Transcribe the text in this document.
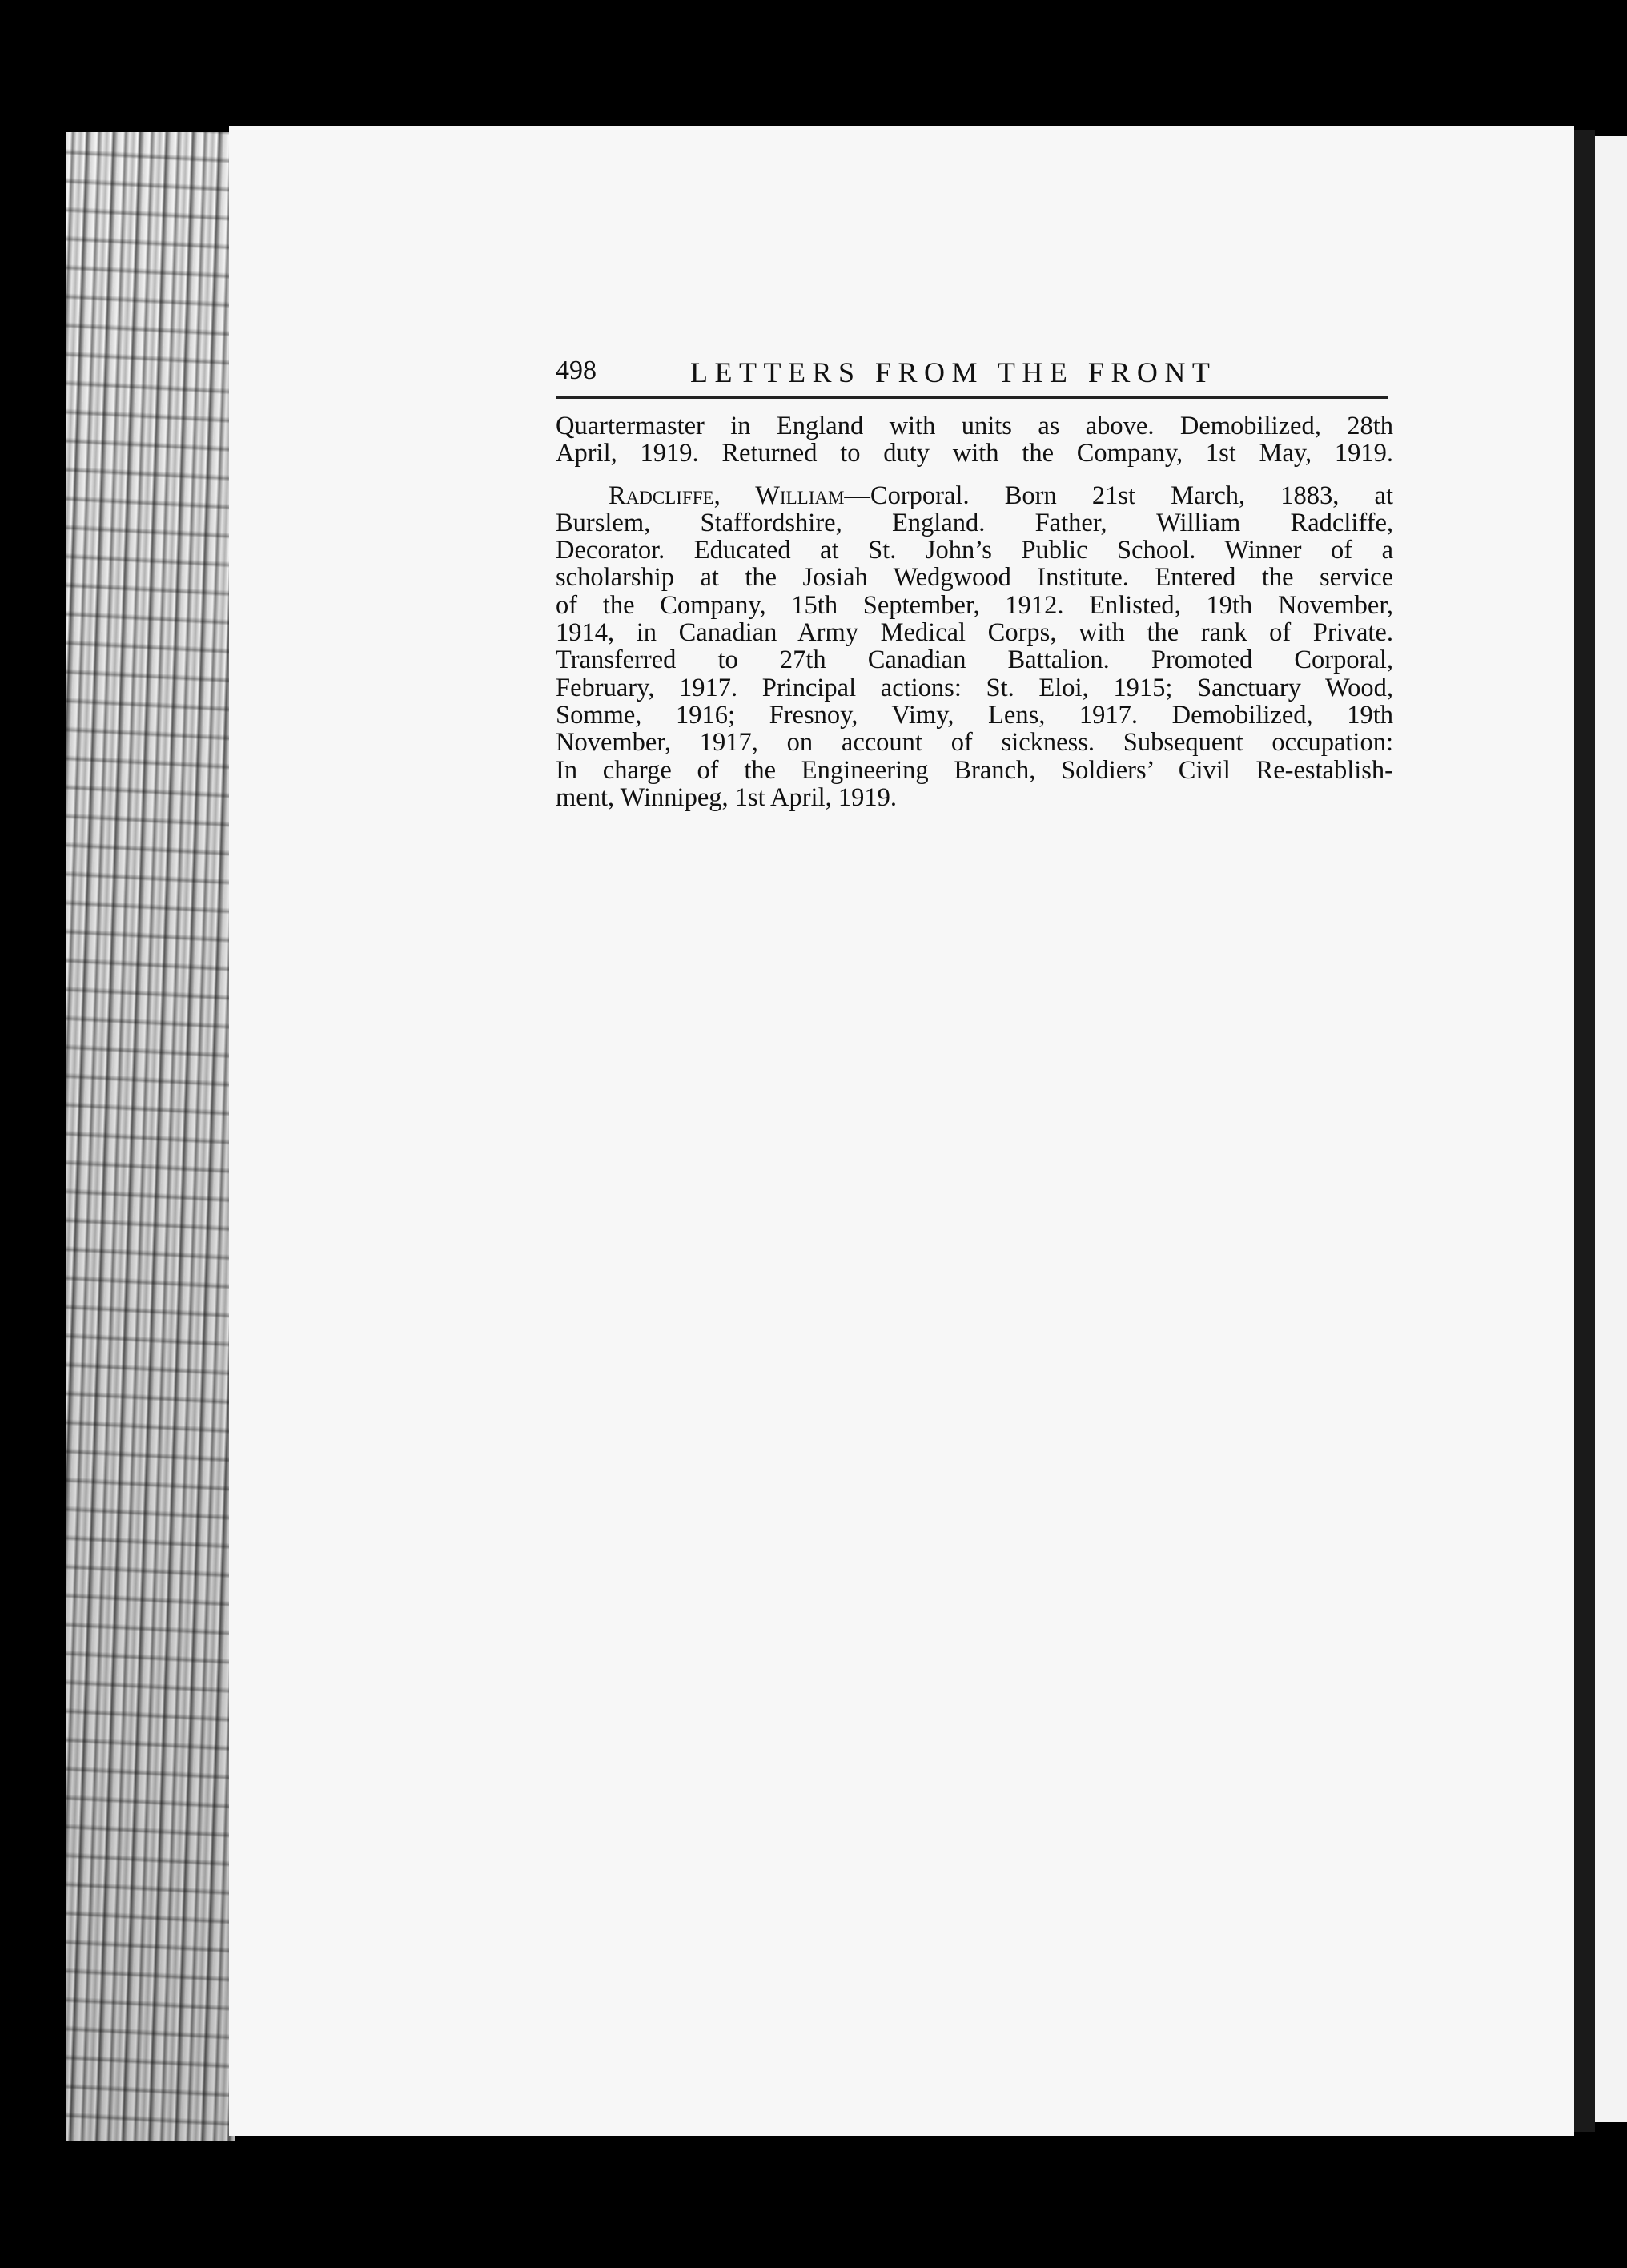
498	LETTERS FROM THE FRONT

Quartermaster in England with units as above. Demobilized, 28th
April, 1919. Returned to duty with the Company, 1st May, 1919.

Radcliffe, William—Corporal. Born 21st March, 1883, at
Burslem, Staffordshire, England. Father, William Radcliffe,
Decorator. Educated at St. John’s Public School. Winner of a
scholarship at the Josiah Wedgwood Institute. Entered the service
of the Company, 15th September, 1912. Enlisted, 19th November,
1914, in Canadian Army Medical Corps, with the rank of Private.
Transferred to 27th Canadian Battalion. Promoted Corporal,
February, 1917. Principal actions: St. Eloi, 1915; Sanctuary Wood,
Somme, 1916; Fresnoy, Vimy, Lens, 1917. Demobilized, 19th
November, 1917, on account of sickness. Subsequent occupation:
In charge of the Engineering Branch, Soldiers’ Civil Re-establish-
ment, Winnipeg, 1st April, 1919.
